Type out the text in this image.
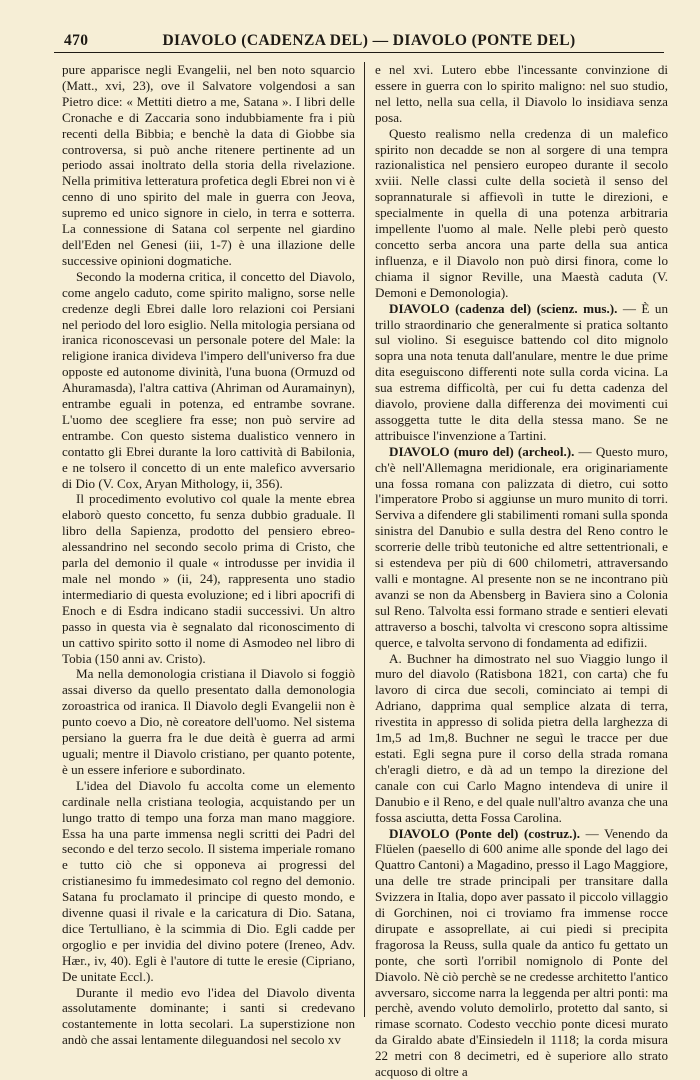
470	DIAVOLO (CADENZA DEL) — DIAVOLO (PONTE DEL)

pure apparisce negli Evangelii, nel ben noto squarcio (Matt., xvi, 23), ove il Salvatore volgendosi a san Pietro dice: « Mettiti dietro a me, Satana ». I libri delle Cronache e di Zaccaria sono indubbiamente fra i più recenti della Bibbia; e benchè la data di Giobbe sia controversa, si può anche ritenere pertinente ad un periodo assai inoltrato della storia della rivelazione. Nella primitiva letteratura profetica degli Ebrei non vi è cenno di uno spirito del male in guerra con Jeova, supremo ed unico signore in cielo, in terra e sotterra. La connessione di Satana col serpente nel giardino dell'Eden nel Genesi (iii, 1-7) è una illazione delle successive opinioni dogmatiche.

Secondo la moderna critica, il concetto del Diavolo, come angelo caduto, come spirito maligno, sorse nelle credenze degli Ebrei dalle loro relazioni coi Persiani nel periodo del loro esiglio. Nella mitologia persiana od iranica riconoscevasi un personale potere del Male: la religione iranica divideva l'impero dell'universo fra due opposte ed autonome divinità, l'una buona (Ormuzd od Ahuramasda), l'altra cattiva (Ahriman od Auramainyn), entrambe eguali in potenza, ed entrambe sovrane. L'uomo dee scegliere fra esse; non può servire ad entrambe. Con questo sistema dualistico vennero in contatto gli Ebrei durante la loro cattività di Babilonia, e ne tolsero il concetto di un ente malefico avversario di Dio (V. Cox, Aryan Mithology, ii, 356).

Il procedimento evolutivo col quale la mente ebrea elaborò questo concetto, fu senza dubbio graduale. Il libro della Sapienza, prodotto del pensiero ebreo-alessandrino nel secondo secolo prima di Cristo, che parla del demonio il quale « introdusse per invidia il male nel mondo » (ii, 24), rappresenta uno stadio intermediario di questa evoluzione; ed i libri apocrifi di Enoch e di Esdra indicano stadii successivi. Un altro passo in questa via è segnalato dal riconoscimento di un cattivo spirito sotto il nome di Asmodeo nel libro di Tobia (150 anni av. Cristo).

Ma nella demonologia cristiana il Diavolo si foggiò assai diverso da quello presentato dalla demonologia zoroastrica od iranica. Il Diavolo degli Evangelii non è punto coevo a Dio, nè coreatore dell'uomo. Nel sistema persiano la guerra fra le due deità è guerra ad armi uguali; mentre il Diavolo cristiano, per quanto potente, è un essere inferiore e subordinato.

L'idea del Diavolo fu accolta come un elemento cardinale nella cristiana teologia, acquistando per un lungo tratto di tempo una forza man mano maggiore. Essa ha una parte immensa negli scritti dei Padri del secondo e del terzo secolo. Il sistema imperiale romano e tutto ciò che si opponeva ai progressi del cristianesimo fu immedesimato col regno del demonio. Satana fu proclamato il principe di questo mondo, e divenne quasi il rivale e la caricatura di Dio. Satana, dice Tertulliano, è la scimmia di Dio. Egli cadde per orgoglio e per invidia del divino potere (Ireneo, Adv. Hær., iv, 40). Egli è l'autore di tutte le eresie (Cipriano, De unitate Eccl.).

Durante il medio evo l'idea del Diavolo diventa assolutamente dominante; i santi si credevano costantemente in lotta secolari. La superstizione non andò che assai lentamente dileguandosi nel secolo xv

e nel xvi. Lutero ebbe l'incessante convinzione di essere in guerra con lo spirito maligno: nel suo studio, nel letto, nella sua cella, il Diavolo lo insidiava senza posa.

Questo realismo nella credenza di un malefico spirito non decadde se non al sorgere di una tempra razionalistica nel pensiero europeo durante il secolo xviii. Nelle classi culte della società il senso del soprannaturale si affievolì in tutte le direzioni, e specialmente in quella di una potenza arbitraria impellente l'uomo al male. Nelle plebi però questo concetto serba ancora una parte della sua antica influenza, e il Diavolo non può dirsi finora, come lo chiama il signor Reville, una Maestà caduta (V. Demoni e Demonologia).

DIAVOLO (cadenza del) (scienz. mus.). — È un trillo straordinario che generalmente si pratica soltanto sul violino. Si eseguisce battendo col dito mignolo sopra una nota tenuta dall'anulare, mentre le due prime dita eseguiscono differenti note sulla corda vicina. La sua estrema difficoltà, per cui fu detta cadenza del diavolo, proviene dalla differenza dei movimenti cui assoggetta tutte le dita della stessa mano. Se ne attribuisce l'invenzione a Tartini.

DIAVOLO (muro del) (archeol.). — Questo muro, ch'è nell'Allemagna meridionale, era originariamente una fossa romana con palizzata di dietro, cui sotto l'imperatore Probo si aggiunse un muro munito di torri. Serviva a difendere gli stabilimenti romani sulla sponda sinistra del Danubio e sulla destra del Reno contro le scorrerie delle tribù teutoniche ed altre settentrionali, e si estendeva per più di 600 chilometri, attraversando valli e montagne. Al presente non se ne incontrano più avanzi se non da Abensberg in Baviera sino a Colonia sul Reno. Talvolta essi formano strade e sentieri elevati attraverso a boschi, talvolta vi crescono sopra altissime querce, e talvolta servono di fondamenta ad edifizii.

A. Buchner ha dimostrato nel suo Viaggio lungo il muro del diavolo (Ratisbona 1821, con carta) che fu lavoro di circa due secoli, cominciato ai tempi di Adriano, dapprima qual semplice alzata di terra, rivestita in appresso di solida pietra della larghezza di 1m,5 ad 1m,8. Buchner ne seguì le tracce per due estati. Egli segna pure il corso della strada romana ch'eragli dietro, e dà ad un tempo la direzione del canale con cui Carlo Magno intendeva di unire il Danubio e il Reno, e del quale null'altro avanza che una fossa asciutta, detta Fossa Carolina.

DIAVOLO (Ponte del) (costruz.). — Venendo da Flüelen (paesello di 600 anime alle sponde del lago dei Quattro Cantoni) a Magadino, presso il Lago Maggiore, una delle tre strade principali per transitare dalla Svizzera in Italia, dopo aver passato il piccolo villaggio di Gorchinen, noi ci troviamo fra immense rocce dirupate e assoprellate, ai cui piedi si precipita fragorosa la Reuss, sulla quale da antico fu gettato un ponte, che sortì l'orribil nomignolo di Ponte del Diavolo. Nè ciò perchè se ne credesse architetto l'antico avversaro, siccome narra la leggenda per altri ponti: ma perchè, avendo voluto demolirlo, protetto dal santo, si rimase scornato. Codesto vecchio ponte dicesi murato da Giraldo abate d'Einsiedeln il 1118; la corda misura 22 metri con 8 decimetri, ed è superiore allo strato acquoso di oltre a
